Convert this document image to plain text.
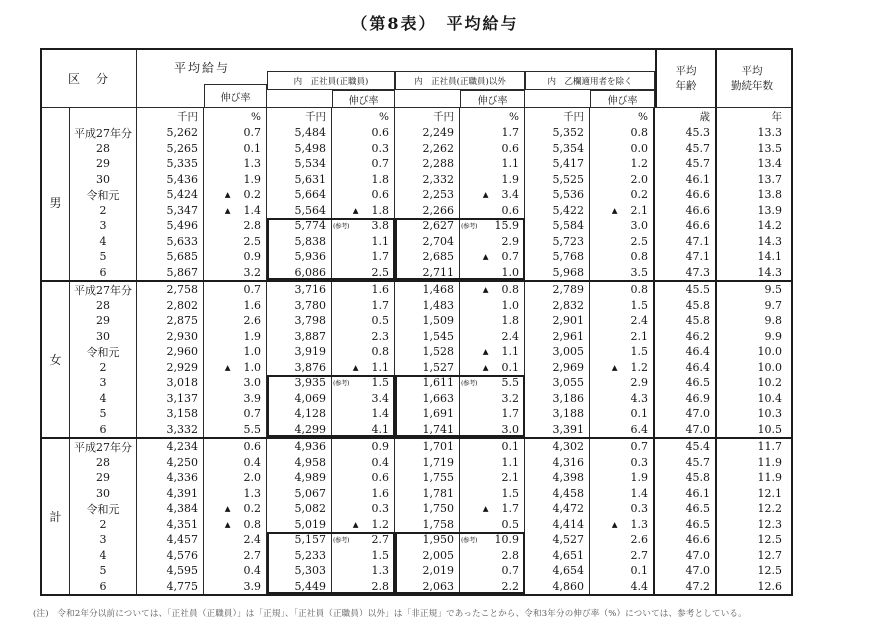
（第8表）　平均給与
区　分
平均給与
伸び率
内　正社員(正職員)
伸び率
内　正社員(正職員)以外
伸び率
内　乙欄適用者を除く
伸び率
平均
年齢
平均
勤続年数
千円	%	千円	%	千円	%	千円	%	歳	年
男
平成27年分	5,262	0.7	5,484	0.6	2,249	1.7	5,352	0.8	45.3	13.3
28	5,265	0.1	5,498	0.3	2,262	0.6	5,354	0.0	45.7	13.5
29	5,335	1.3	5,534	0.7	2,288	1.1	5,417	1.2	45.7	13.4
30	5,436	1.9	5,631	1.8	2,332	1.9	5,525	2.0	46.1	13.7
令和元	5,424	▲ 0.2	5,664	0.6	2,253	▲ 3.4	5,536	0.2	46.6	13.8
2	5,347	▲ 1.4	5,564	▲ 1.8	2,266	0.6	5,422	▲ 2.1	46.6	13.9
3	5,496	2.8	5,774	(参考) 3.8	2,627	(参考) 15.9	5,584	3.0	46.6	14.2
4	5,633	2.5	5,838	1.1	2,704	2.9	5,723	2.5	47.1	14.3
5	5,685	0.9	5,936	1.7	2,685	▲ 0.7	5,768	0.8	47.1	14.1
6	5,867	3.2	6,086	2.5	2,711	1.0	5,968	3.5	47.3	14.3
女
平成27年分	2,758	0.7	3,716	1.6	1,468	▲ 0.8	2,789	0.8	45.5	9.5
28	2,802	1.6	3,780	1.7	1,483	1.0	2,832	1.5	45.8	9.7
29	2,875	2.6	3,798	0.5	1,509	1.8	2,901	2.4	45.8	9.8
30	2,930	1.9	3,887	2.3	1,545	2.4	2,961	2.1	46.2	9.9
令和元	2,960	1.0	3,919	0.8	1,528	▲ 1.1	3,005	1.5	46.4	10.0
2	2,929	▲ 1.0	3,876	▲ 1.1	1,527	▲ 0.1	2,969	▲ 1.2	46.4	10.0
3	3,018	3.0	3,935	(参考) 1.5	1,611	(参考) 5.5	3,055	2.9	46.5	10.2
4	3,137	3.9	4,069	3.4	1,663	3.2	3,186	4.3	46.9	10.4
5	3,158	0.7	4,128	1.4	1,691	1.7	3,188	0.1	47.0	10.3
6	3,332	5.5	4,299	4.1	1,741	3.0	3,391	6.4	47.0	10.5
計
平成27年分	4,234	0.6	4,936	0.9	1,701	0.1	4,302	0.7	45.4	11.7
28	4,250	0.4	4,958	0.4	1,719	1.1	4,316	0.3	45.7	11.9
29	4,336	2.0	4,989	0.6	1,755	2.1	4,398	1.9	45.8	11.9
30	4,391	1.3	5,067	1.6	1,781	1.5	4,458	1.4	46.1	12.1
令和元	4,384	▲ 0.2	5,082	0.3	1,750	▲ 1.7	4,472	0.3	46.5	12.2
2	4,351	▲ 0.8	5,019	▲ 1.2	1,758	0.5	4,414	▲ 1.3	46.5	12.3
3	4,457	2.4	5,157	(参考) 2.7	1,950	(参考) 10.9	4,527	2.6	46.6	12.5
4	4,576	2.7	5,233	1.5	2,005	2.8	4,651	2.7	47.0	12.7
5	4,595	0.4	5,303	1.3	2,019	0.7	4,654	0.1	47.0	12.5
6	4,775	3.9	5,449	2.8	2,063	2.2	4,860	4.4	47.2	12.6
(注)　令和2年分以前については、「正社員（正職員）」は「正規」、「正社員（正職員）以外」は「非正規」であったことから、令和3年分の伸び率（%）については、参考としている。
